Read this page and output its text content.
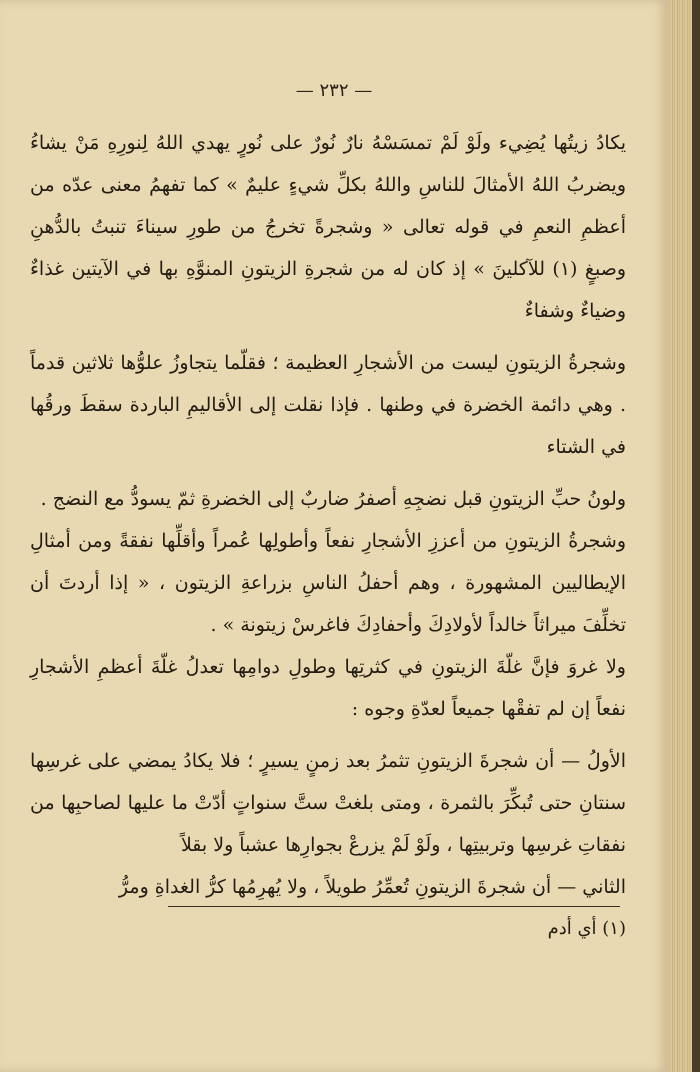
— ٢٣٢ —

يكادُ زيتُها يُضِيء ولَوْ لَمْ تمسَسْهُ نارٌ نُورٌ على نُورٍ يهدي اللهُ لِنورِهِ مَنْ يشاءُ ويضربُ اللهُ الأمثالَ للناسِ واللهُ بكلِّ شيءٍ عليمٌ » كما تفهمُ معنى عدّه من أعظمِ النعمِ في قوله تعالى « وشجرةً تخرجُ من طورِ سيناءَ تنبتُ بالدُّهنِ وصبغٍ (١) للآكلينَ » إذ كان له من شجرةِ الزيتونِ المنوَّهِ بها في الآيتين غذاءٌ وضياءٌ وشفاءٌ

وشجرةُ الزيتونِ ليست من الأشجارِ العظيمة ؛ فقلّما يتجاوزُ علوُّها ثلاثين قدماً . وهي دائمة الخضرة في وطنها . فإذا نقلت إلى الأقاليمِ الباردة سقطَ ورقُها في الشتاء

ولونُ حبِّ الزيتونِ قبل نضجِهِ أصفرُ ضاربٌ إلى الخضرةِ ثمّ يسودُّ مع النضج .

وشجرةُ الزيتونِ من أعززِ الأشجارِ نفعاً وأطولِها عُمراً وأقلِّها نفقةً ومن أمثالِ الإيطاليين المشهورة ، وهم أحفلُ الناسِ بزراعةِ الزيتون ، « إذا أردتَ أن تخلِّفَ ميراثاً خالداً لأولادِكَ وأحفادِكَ فاغرسْ زيتونة » .

ولا غروَ فإنَّ غلّةَ الزيتونِ في كثرتِها وطولِ دوامِها تعدلُ غلّةَ أعظمِ الأشجارِ نفعاً إن لم تفقْها جميعاً لعدّةِ وجوه :

الأولُ — أن شجرةَ الزيتونِ تثمرُ بعد زمنٍ يسيرٍ ؛ فلا يكادُ يمضي على غرسِها سنتانِ حتى تُبكِّرَ بالثمرة ، ومتى بلغتْ ستَّ سنواتٍ أدّتْ ما عليها لصاحبِها من نفقاتِ غرسِها وتربيتِها ، ولَوْ لَمْ يزرعْ بجوارِها عشباً ولا بقلاً

الثاني — أن شجرةَ الزيتونِ تُعمِّرُ طويلاً ، ولا يُهرِمُها كرُّ الغداةِ ومرُّ

(١) أي أدم
